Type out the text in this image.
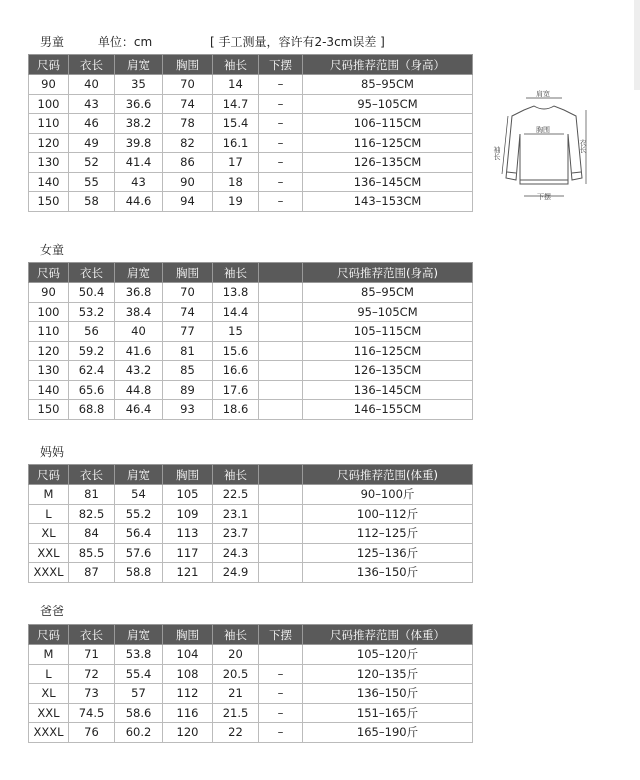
男童	单位：cm	[ 手工测量，容许有2-3cm误差 ]
尺码	衣长	肩宽	胸围	袖长	下摆	尺码推荐范围（身高）
90	40	35	70	14	–	85–95CM
100	43	36.6	74	14.7	–	95–105CM
110	46	38.2	78	15.4	–	106–115CM
120	49	39.8	82	16.1	–	116–125CM
130	52	41.4	86	17	–	126–135CM
140	55	43	90	18	–	136–145CM
150	58	44.6	94	19	–	143–153CM
女童
尺码	衣长	肩宽	胸围	袖长		尺码推荐范围(身高)
90	50.4	36.8	70	13.8		85–95CM
100	53.2	38.4	74	14.4		95–105CM
110	56	40	77	15		105–115CM
120	59.2	41.6	81	15.6		116–125CM
130	62.4	43.2	85	16.6		126–135CM
140	65.6	44.8	89	17.6		136–145CM
150	68.8	46.4	93	18.6		146–155CM
妈妈
尺码	衣长	肩宽	胸围	袖长		尺码推荐范围(体重)
M	81	54	105	22.5		90–100斤
L	82.5	55.2	109	23.1		100–112斤
XL	84	56.4	113	23.7		112–125斤
XXL	85.5	57.6	117	24.3		125–136斤
XXXL	87	58.8	121	24.9		136–150斤
爸爸
尺码	衣长	肩宽	胸围	袖长	下摆	尺码推荐范围（体重）
M	71	53.8	104	20		105–120斤
L	72	55.4	108	20.5	–	120–135斤
XL	73	57	112	21	–	136–150斤
XXL	74.5	58.6	116	21.5	–	151–165斤
XXXL	76	60.2	120	22	–	165–190斤
肩宽
胸围
衣长
袖长
下摆
